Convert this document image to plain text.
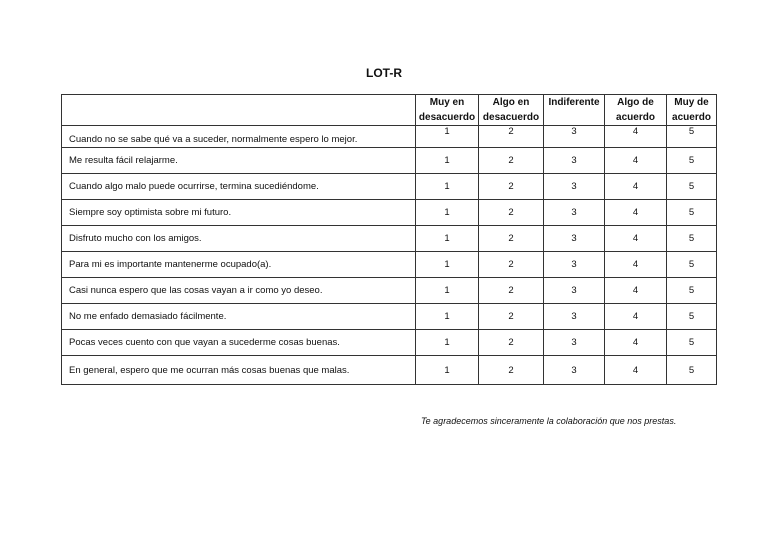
LOT-R
	Muy en desacuerdo	Algo en desacuerdo	Indiferente	Algo de acuerdo	Muy de acuerdo
Cuando no se sabe qué va a suceder, normalmente espero lo mejor.	1	2	3	4	5
Me resulta fácil relajarme.	1	2	3	4	5
Cuando algo malo puede ocurrirse, termina sucediéndome.	1	2	3	4	5
Siempre soy optimista sobre mi futuro.	1	2	3	4	5
Disfruto mucho con los amigos.	1	2	3	4	5
Para mi es importante mantenerme ocupado(a).	1	2	3	4	5
Casi nunca espero que las cosas vayan a ir como yo deseo.	1	2	3	4	5
No me enfado demasiado fácilmente.	1	2	3	4	5
Pocas veces cuento con que vayan a sucederme cosas buenas.	1	2	3	4	5
En general, espero que me ocurran más cosas buenas que malas.	1	2	3	4	5
Te agradecemos sinceramente la colaboración que nos prestas.
